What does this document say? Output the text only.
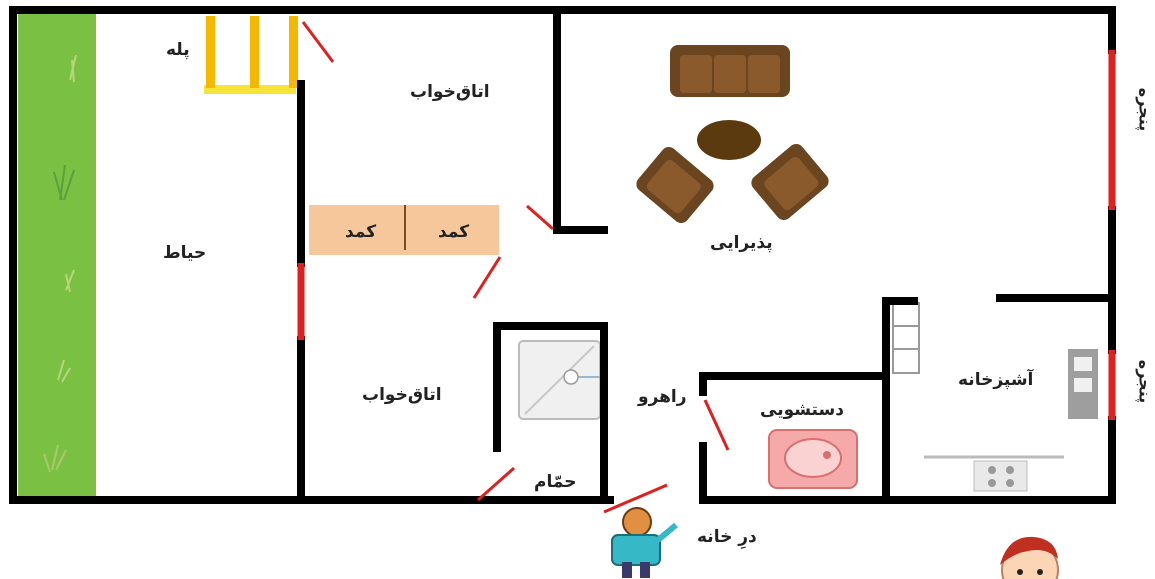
پله
اتاق‌خواب
کمد
کمد
حیاط	پذیرایی
اتاق‌خواب	راهرو
دستشویی
آشپزخانه
حمّام
درِ خانه
پنجره
پنجره
